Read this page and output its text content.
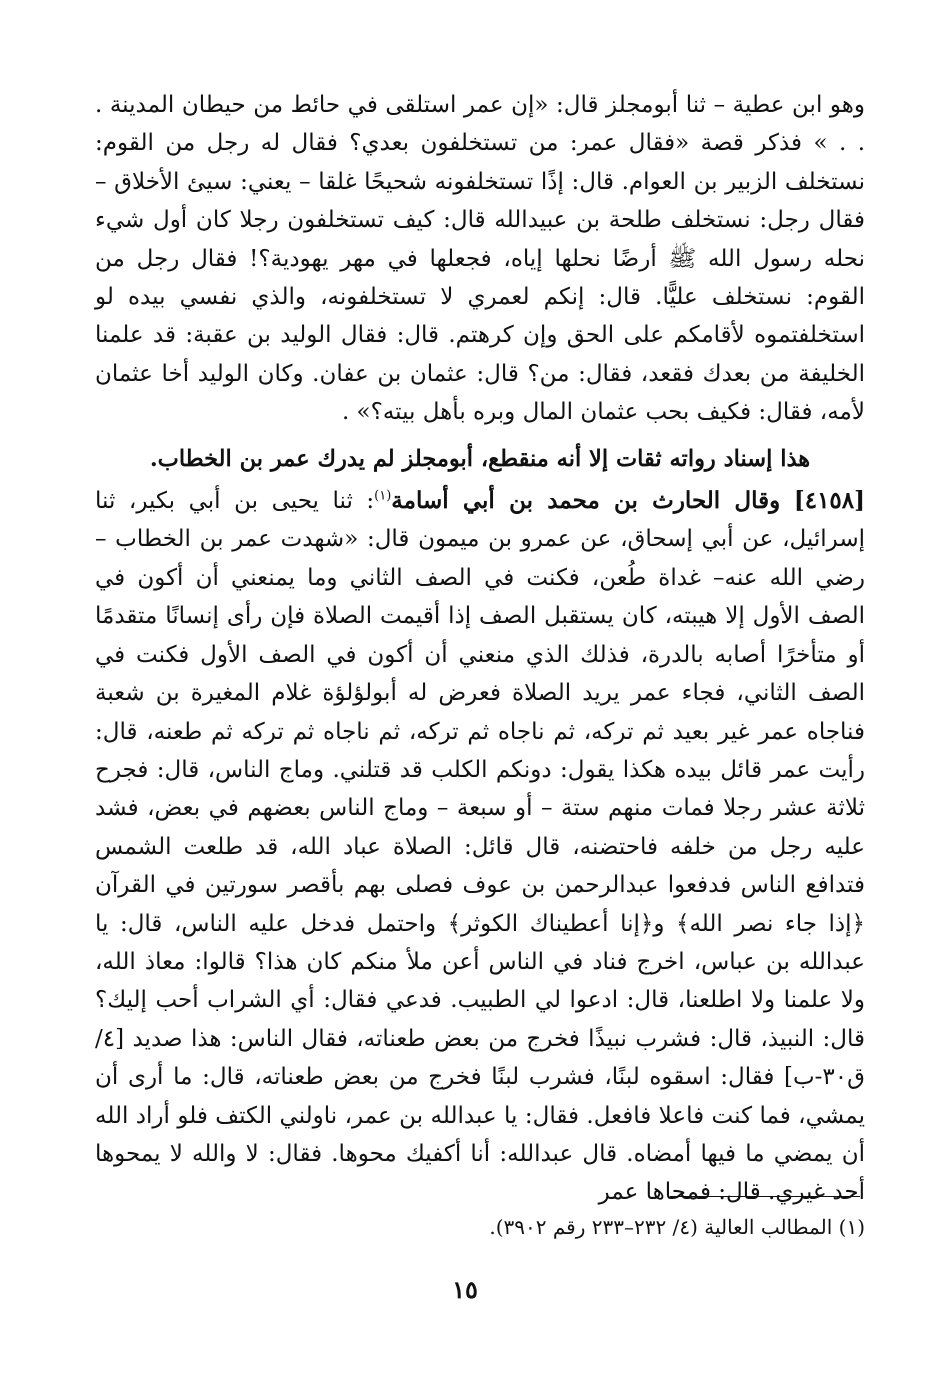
وهو ابن عطية – ثنا أبومجلز قال: «إن عمر استلقى في حائط من حيطان المدينة . . . » فذكر قصة «فقال عمر: من تستخلفون بعدي؟ فقال له رجل من القوم: نستخلف الزبير بن العوام. قال: إذًا تستخلفونه شحيحًا غلقا – يعني: سيئ الأخلاق – فقال رجل: نستخلف طلحة بن عبيدالله قال: كيف تستخلفون رجلا كان أول شيء نحله رسول الله ﷺ أرضًا نحلها إياه، فجعلها في مهر يهودية؟! فقال رجل من القوم: نستخلف عليًّا. قال: إنكم لعمري لا تستخلفونه، والذي نفسي بيده لو استخلفتموه لأقامكم على الحق وإن كرهتم. قال: فقال الوليد بن عقبة: قد علمنا الخليفة من بعدك فقعد، فقال: من؟ قال: عثمان بن عفان. وكان الوليد أخا عثمان لأمه، فقال: فكيف بحب عثمان المال وبره بأهل بيته؟» .

هذا إسناد رواته ثقات إلا أنه منقطع، أبومجلز لم يدرك عمر بن الخطاب.

[٤١٥٨] وقال الحارث بن محمد بن أبي أسامة$^{(١)}$: ثنا يحيى بن أبي بكير، ثنا إسرائيل، عن أبي إسحاق، عن عمرو بن ميمون قال: «شهدت عمر بن الخطاب –رضي الله عنه– غداة طُعن، فكنت في الصف الثاني وما يمنعني أن أكون في الصف الأول إلا هيبته، كان يستقبل الصف إذا أقيمت الصلاة فإن رأى إنسانًا متقدمًا أو متأخرًا أصابه بالدرة، فذلك الذي منعني أن أكون في الصف الأول فكنت في الصف الثاني، فجاء عمر يريد الصلاة فعرض له أبولؤلؤة غلام المغيرة بن شعبة فناجاه عمر غير بعيد ثم تركه، ثم ناجاه ثم تركه، ثم ناجاه ثم تركه ثم طعنه، قال: رأيت عمر قائل بيده هكذا يقول: دونكم الكلب قد قتلني. وماج الناس، قال: فجرح ثلاثة عشر رجلا فمات منهم ستة – أو سبعة – وماج الناس بعضهم في بعض، فشد عليه رجل من خلفه فاحتضنه، قال قائل: الصلاة عباد الله، قد طلعت الشمس فتدافع الناس فدفعوا عبدالرحمن بن عوف فصلى بهم بأقصر سورتين في القرآن ﴿إذا جاء نصر الله﴾ و﴿إنا أعطيناك الكوثر﴾ واحتمل فدخل عليه الناس، قال: يا عبدالله بن عباس، اخرج فناد في الناس أعن ملأ منكم كان هذا؟ قالوا: معاذ الله، ولا علمنا ولا اطلعنا، قال: ادعوا لي الطبيب. فدعي فقال: أي الشراب أحب إليك؟ قال: النبيذ، قال: فشرب نبيذًا فخرج من بعض طعناته، فقال الناس: هذا صديد [٤/ق٣٠-ب] فقال: اسقوه لبنًا، فشرب لبنًا فخرج من بعض طعناته، قال: ما أرى أن يمشي، فما كنت فاعلا فافعل. فقال: يا عبدالله بن عمر، ناولني الكتف فلو أراد الله أن يمضي ما فيها أمضاه. قال عبدالله: أنا أكفيك محوها. فقال: لا والله لا يمحوها أحد غيري. قال: فمحاها عمر

(١) المطالب العالية (٤/ ٢٣٢–٢٣٣ رقم ٣٩٠٢).
١٥
